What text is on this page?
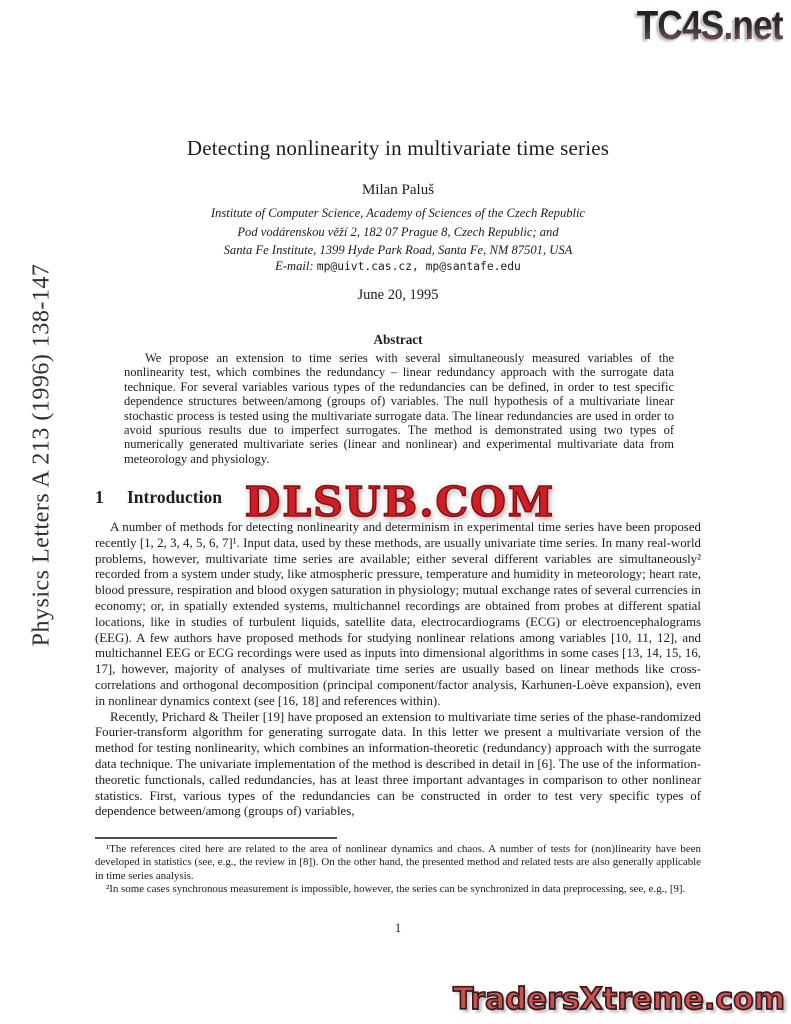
Physics Letters A 213 (1996) 138-147
TC4S.net
DLSUB.COM
TradersXtreme.com
Detecting nonlinearity in multivariate time series
Milan Paluš
Institute of Computer Science, Academy of Sciences of the Czech Republic
Pod vodárenskou věží 2, 182 07 Prague 8, Czech Republic; and
Santa Fe Institute, 1399 Hyde Park Road, Santa Fe, NM 87501, USA
E-mail: mp@uivt.cas.cz, mp@santafe.edu
June 20, 1995
Abstract
We propose an extension to time series with several simultaneously measured variables of the nonlinearity test, which combines the redundancy – linear redundancy approach with the surrogate data technique. For several variables various types of the redundancies can be defined, in order to test specific dependence structures between/among (groups of) variables. The null hypothesis of a multivariate linear stochastic process is tested using the multivariate surrogate data. The linear redundancies are used in order to avoid spurious results due to imperfect surrogates. The method is demonstrated using two types of numerically generated multivariate series (linear and nonlinear) and experimental multivariate data from meteorology and physiology.
1 Introduction

A number of methods for detecting nonlinearity and determinism in experimental time series have been proposed recently [1, 2, 3, 4, 5, 6, 7]¹. Input data, used by these methods, are usually univariate time series. In many real-world problems, however, multivariate time series are available; either several different variables are simultaneously² recorded from a system under study, like atmospheric pressure, temperature and humidity in meteorology; heart rate, blood pressure, respiration and blood oxygen saturation in physiology; mutual exchange rates of several currencies in economy; or, in spatially extended systems, multichannel recordings are obtained from probes at different spatial locations, like in studies of turbulent liquids, satellite data, electrocardiograms (ECG) or electroencephalograms (EEG). A few authors have proposed methods for studying nonlinear relations among variables [10, 11, 12], and multichannel EEG or ECG recordings were used as inputs into dimensional algorithms in some cases [13, 14, 15, 16, 17], however, majority of analyses of multivariate time series are usually based on linear methods like cross-correlations and orthogonal decomposition (principal component/factor analysis, Karhunen-Loève expansion), even in nonlinear dynamics context (see [16, 18] and references within).

Recently, Prichard & Theiler [19] have proposed an extension to multivariate time series of the phase-randomized Fourier-transform algorithm for generating surrogate data. In this letter we present a multivariate version of the method for testing nonlinearity, which combines an information-theoretic (redundancy) approach with the surrogate data technique. The univariate implementation of the method is described in detail in [6]. The use of the information-theoretic functionals, called redundancies, has at least three important advantages in comparison to other nonlinear statistics. First, various types of the redundancies can be constructed in order to test very specific types of dependence between/among (groups of) variables,

¹The references cited here are related to the area of nonlinear dynamics and chaos. A number of tests for (non)linearity have been developed in statistics (see, e.g., the review in [8]). On the other hand, the presented method and related tests are also generally applicable in time series analysis.

²In some cases synchronous measurement is impossible, however, the series can be synchronized in data preprocessing, see, e.g., [9].

1
